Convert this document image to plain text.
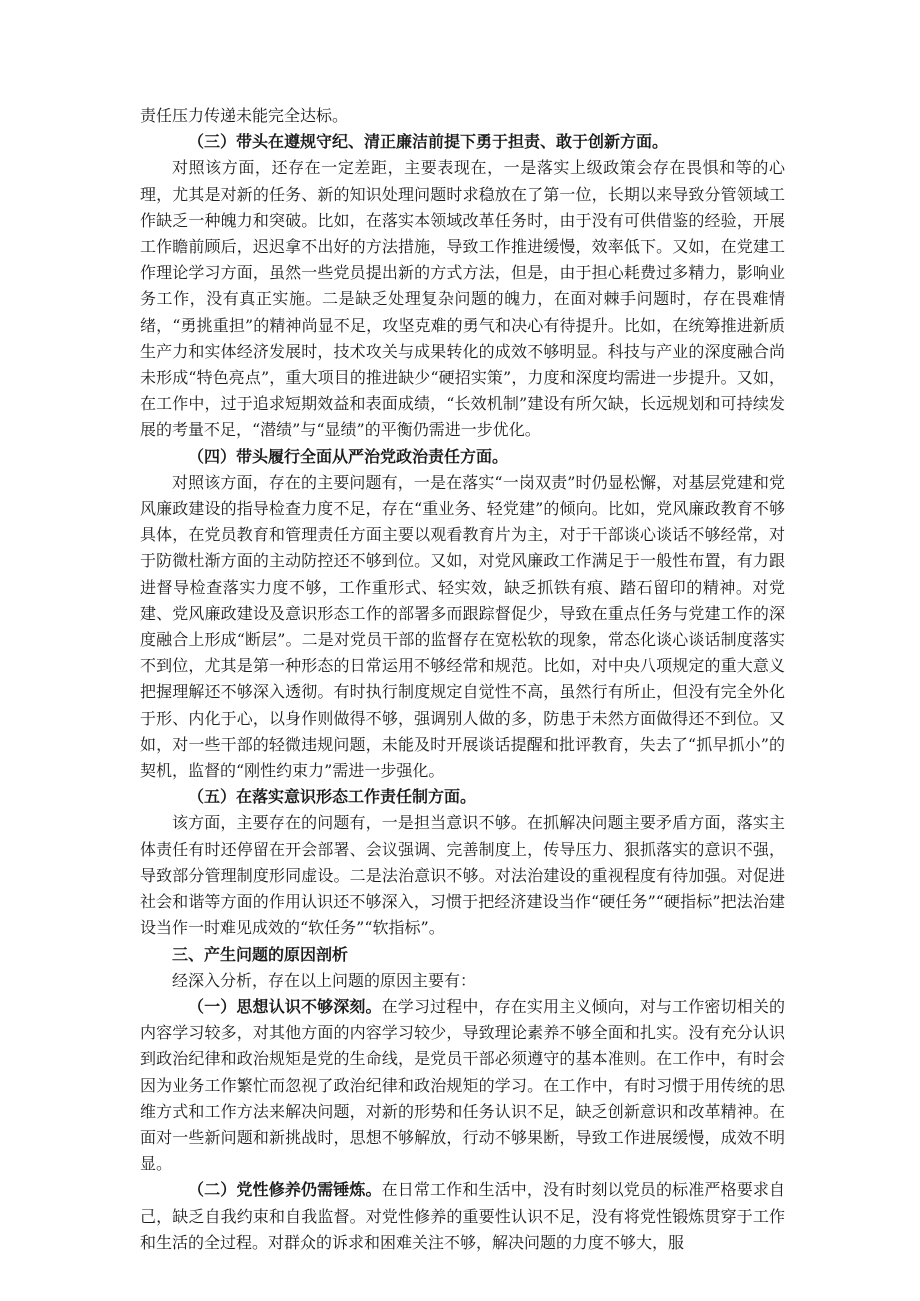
责任压力传递未能完全达标。

（三）带头在遵规守纪、清正廉洁前提下勇于担责、敢于创新方面。

对照该方面，还存在一定差距，主要表现在，一是落实上级政策会存在畏惧和等的心理，尤其是对新的任务、新的知识处理问题时求稳放在了第一位，长期以来导致分管领域工作缺乏一种魄力和突破。比如，在落实本领域改革任务时，由于没有可供借鉴的经验，开展工作瞻前顾后，迟迟拿不出好的方法措施，导致工作推进缓慢，效率低下。又如，在党建工作理论学习方面，虽然一些党员提出新的方式方法，但是，由于担心耗费过多精力，影响业务工作，没有真正实施。二是缺乏处理复杂问题的魄力，在面对棘手问题时，存在畏难情绪，“勇挑重担”的精神尚显不足，攻坚克难的勇气和决心有待提升。比如，在统筹推进新质生产力和实体经济发展时，技术攻关与成果转化的成效不够明显。科技与产业的深度融合尚未形成“特色亮点”，重大项目的推进缺少“硬招实策”，力度和深度均需进一步提升。又如，在工作中，过于追求短期效益和表面成绩，“长效机制”建设有所欠缺，长远规划和可持续发展的考量不足，“潜绩”与“显绩”的平衡仍需进一步优化。

（四）带头履行全面从严治党政治责任方面。

对照该方面，存在的主要问题有，一是在落实“一岗双责”时仍显松懈，对基层党建和党风廉政建设的指导检查力度不足，存在“重业务、轻党建”的倾向。比如，党风廉政教育不够具体，在党员教育和管理责任方面主要以观看教育片为主，对于干部谈心谈话不够经常，对于防微杜渐方面的主动防控还不够到位。又如，对党风廉政工作满足于一般性布置，有力跟进督导检查落实力度不够，工作重形式、轻实效，缺乏抓铁有痕、踏石留印的精神。对党建、党风廉政建设及意识形态工作的部署多而跟踪督促少，导致在重点任务与党建工作的深度融合上形成“断层”。二是对党员干部的监督存在宽松软的现象，常态化谈心谈话制度落实不到位，尤其是第一种形态的日常运用不够经常和规范。比如，对中央八项规定的重大意义把握理解还不够深入透彻。有时执行制度规定自觉性不高，虽然行有所止，但没有完全外化于形、内化于心，以身作则做得不够，强调别人做的多，防患于未然方面做得还不到位。又如，对一些干部的轻微违规问题，未能及时开展谈话提醒和批评教育，失去了“抓早抓小”的契机，监督的“刚性约束力”需进一步强化。

（五）在落实意识形态工作责任制方面。

该方面，主要存在的问题有，一是担当意识不够。在抓解决问题主要矛盾方面，落实主体责任有时还停留在开会部署、会议强调、完善制度上，传导压力、狠抓落实的意识不强，导致部分管理制度形同虚设。二是法治意识不够。对法治建设的重视程度有待加强。对促进社会和谐等方面的作用认识还不够深入，习惯于把经济建设当作“硬任务”“硬指标”把法治建设当作一时难见成效的“软任务”“软指标”。

三、产生问题的原因剖析

经深入分析，存在以上问题的原因主要有：

（一）思想认识不够深刻。在学习过程中，存在实用主义倾向，对与工作密切相关的内容学习较多，对其他方面的内容学习较少，导致理论素养不够全面和扎实。没有充分认识到政治纪律和政治规矩是党的生命线，是党员干部必须遵守的基本准则。在工作中，有时会因为业务工作繁忙而忽视了政治纪律和政治规矩的学习。在工作中，有时习惯于用传统的思维方式和工作方法来解决问题，对新的形势和任务认识不足，缺乏创新意识和改革精神。在面对一些新问题和新挑战时，思想不够解放，行动不够果断，导致工作进展缓慢，成效不明显。

（二）党性修养仍需锤炼。在日常工作和生活中，没有时刻以党员的标准严格要求自己，缺乏自我约束和自我监督。对党性修养的重要性认识不足，没有将党性锻炼贯穿于工作和生活的全过程。对群众的诉求和困难关注不够，解决问题的力度不够大，服
